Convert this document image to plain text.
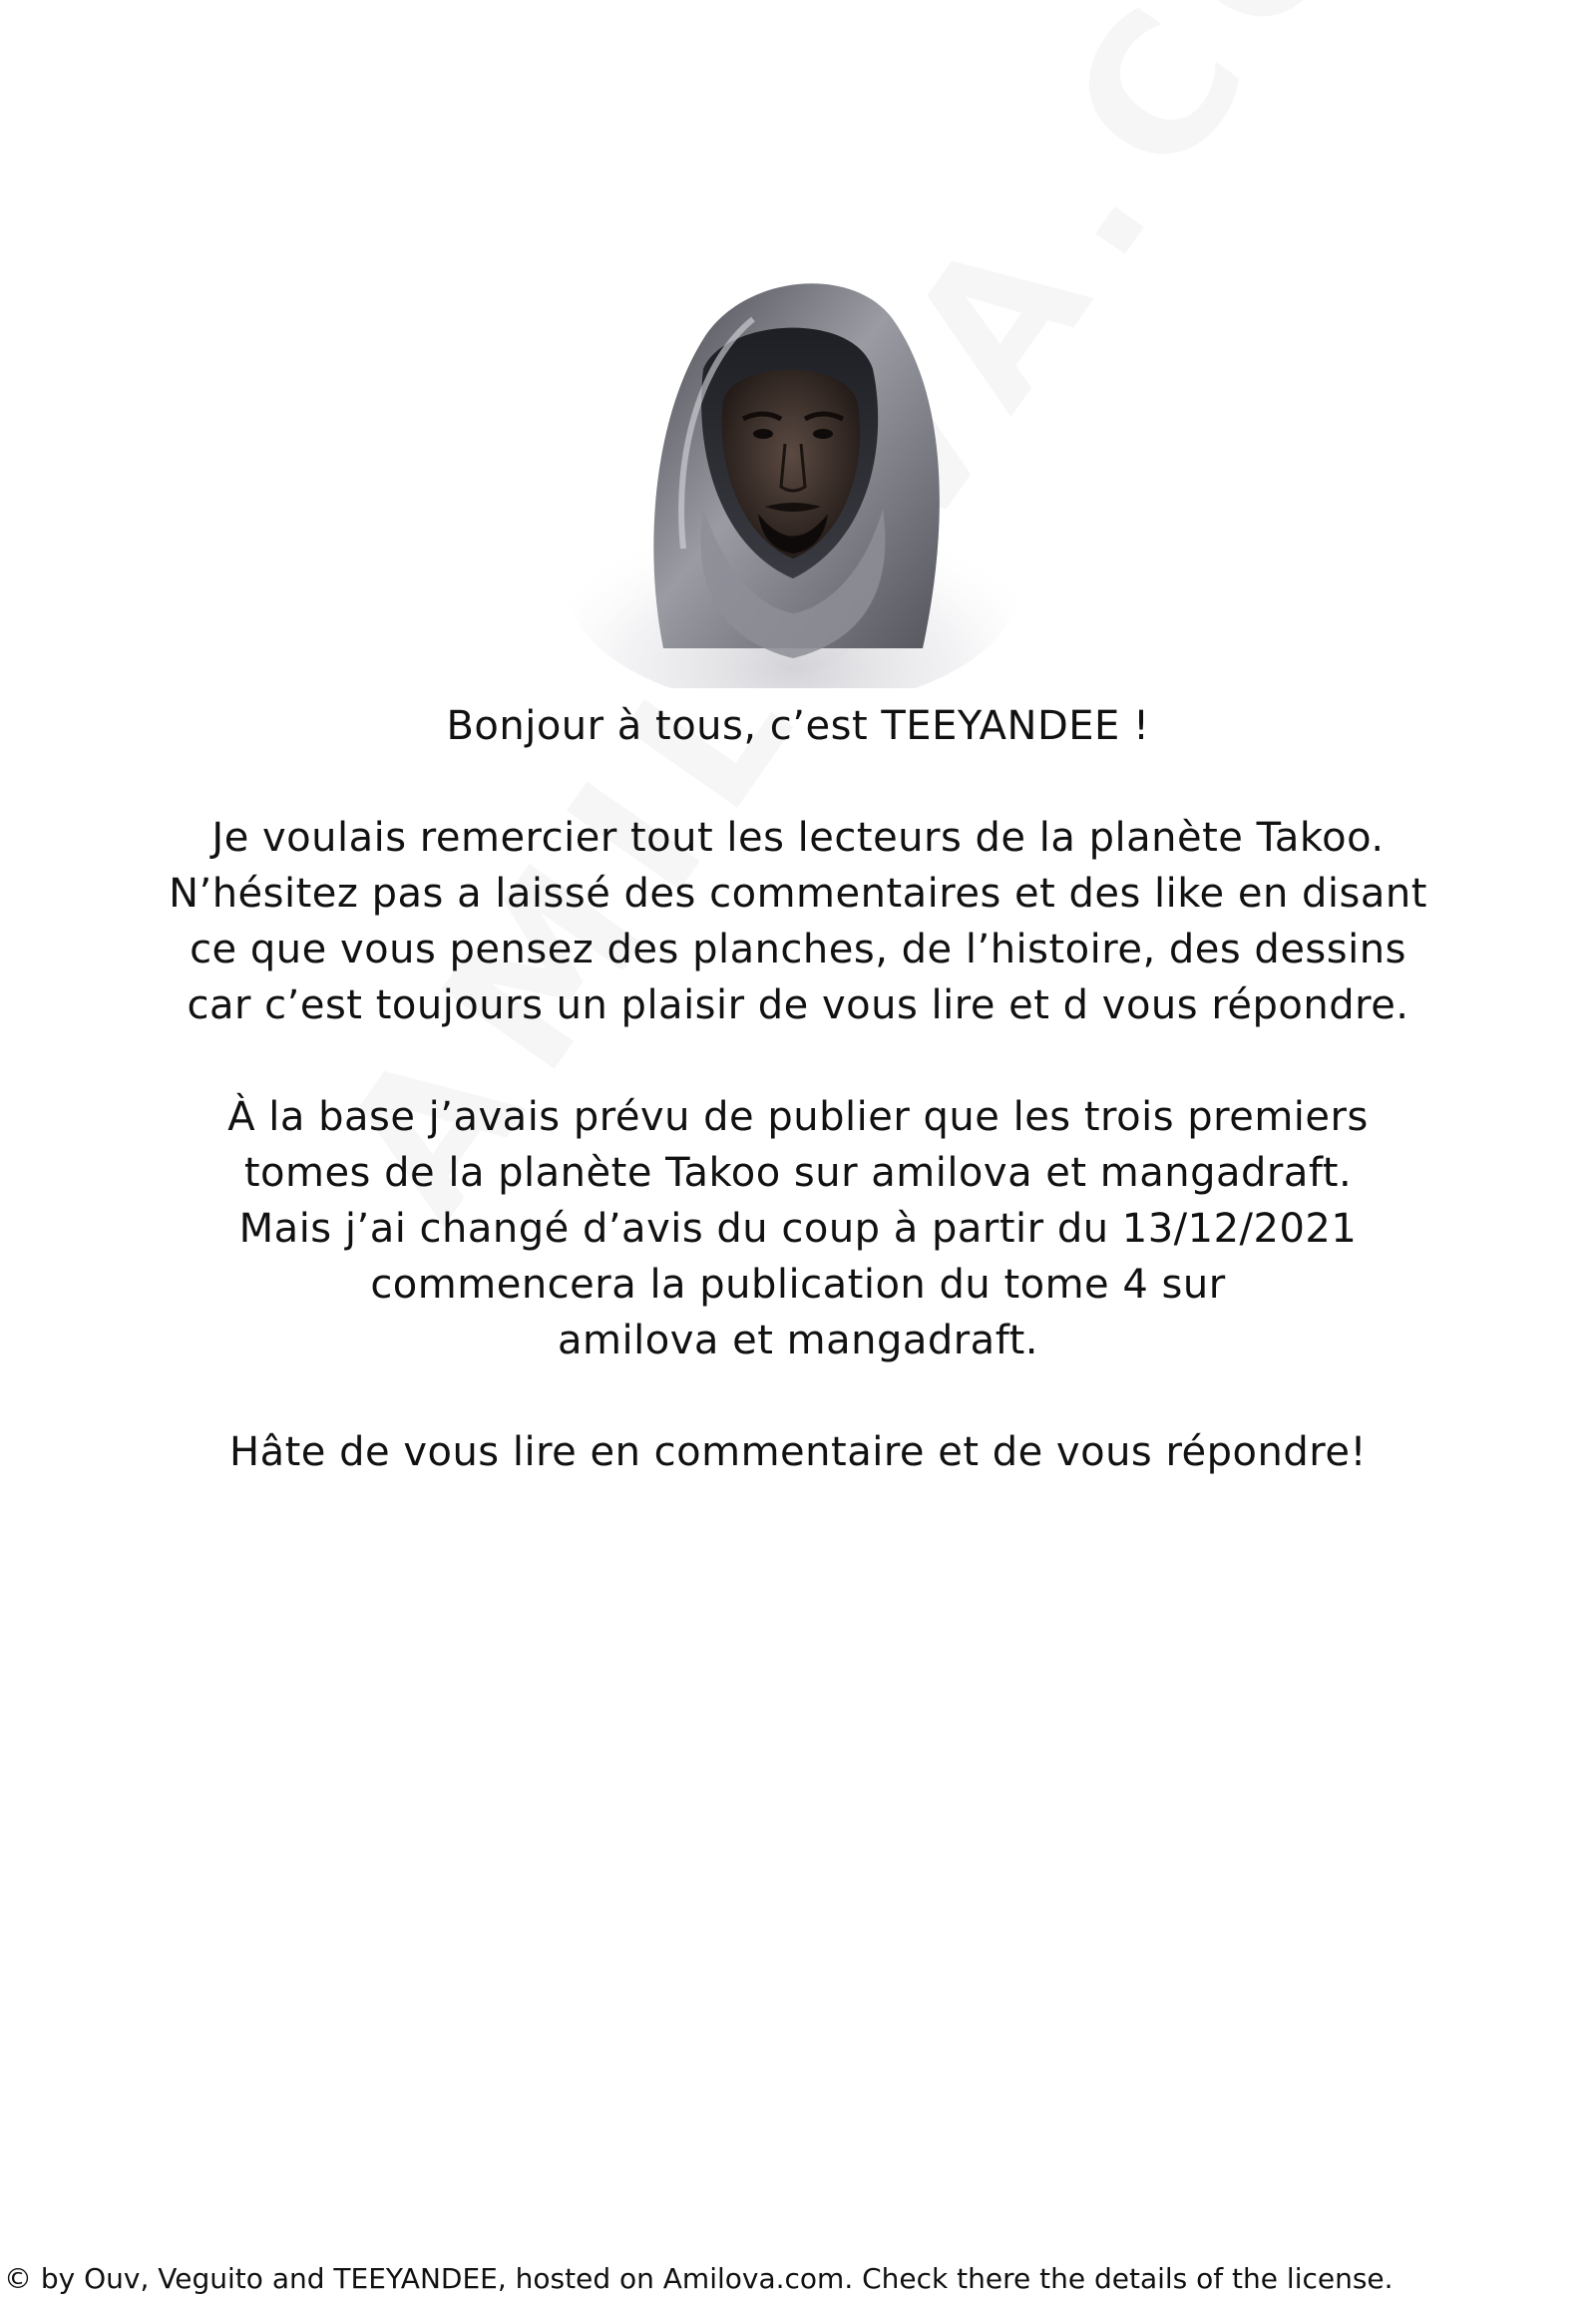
Bonjour à tous, c’est TEEYANDEE !

Je voulais remercier tout les lecteurs de la planète Takoo.

N’hésitez pas a laissé des commentaires et des like en disant

ce que vous pensez des planches, de l’histoire, des dessins

car c’est toujours un plaisir de vous lire et d vous répondre.

À la base j’avais prévu de publier que les trois premiers

tomes de la planète Takoo sur amilova et mangadraft.

Mais j’ai changé d’avis du coup à partir du 13/12/2021

commencera la publication du tome 4 sur

amilova et mangadraft.

Hâte de vous lire en commentaire et de vous répondre!

© by Ouv, Veguito and TEEYANDEE, hosted on Amilova.com. Check there the details of the license.
